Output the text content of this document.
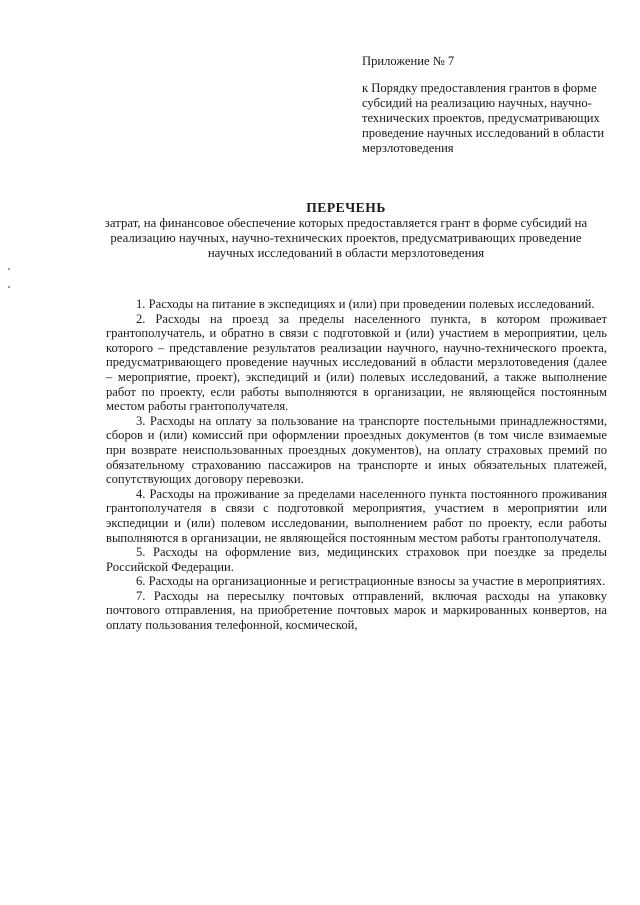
Приложение № 7

к Порядку предоставления грантов в форме субсидий на реализацию научных, научно-технических проектов, предусматривающих проведение научных исследований в области мерзлотоведения

ПЕРЕЧЕНЬ

затрат, на финансовое обеспечение которых предоставляется грант в форме субсидий на реализацию научных, научно-технических проектов, предусматривающих проведение научных исследований в области мерзлотоведения

1. Расходы на питание в экспедициях и (или) при проведении полевых исследований.

2. Расходы на проезд за пределы населенного пункта, в котором проживает грантополучатель, и обратно в связи с подготовкой и (или) участием в мероприятии, цель которого – представление результатов реализации научного, научно-технического проекта, предусматривающего проведение научных исследований в области мерзлотоведения (далее – мероприятие, проект), экспедиций и (или) полевых исследований, а также выполнение работ по проекту, если работы выполняются в организации, не являющейся постоянным местом работы грантополучателя.

3. Расходы на оплату за пользование на транспорте постельными принадлежностями, сборов и (или) комиссий при оформлении проездных документов (в том числе взимаемые при возврате неиспользованных проездных документов), на оплату страховых премий по обязательному страхованию пассажиров на транспорте и иных обязательных платежей, сопутствующих договору перевозки.

4. Расходы на проживание за пределами населенного пункта постоянного проживания грантополучателя в связи с подготовкой мероприятия, участием в мероприятии или экспедиции и (или) полевом исследовании, выполнением работ по проекту, если работы выполняются в организации, не являющейся постоянным местом работы грантополучателя.

5. Расходы на оформление виз, медицинских страховок при поездке за пределы Российской Федерации.

6. Расходы на организационные и регистрационные взносы за участие в мероприятиях.

7. Расходы на пересылку почтовых отправлений, включая расходы на упаковку почтового отправления, на приобретение почтовых марок и маркированных конвертов, на оплату пользования телефонной, космической,
